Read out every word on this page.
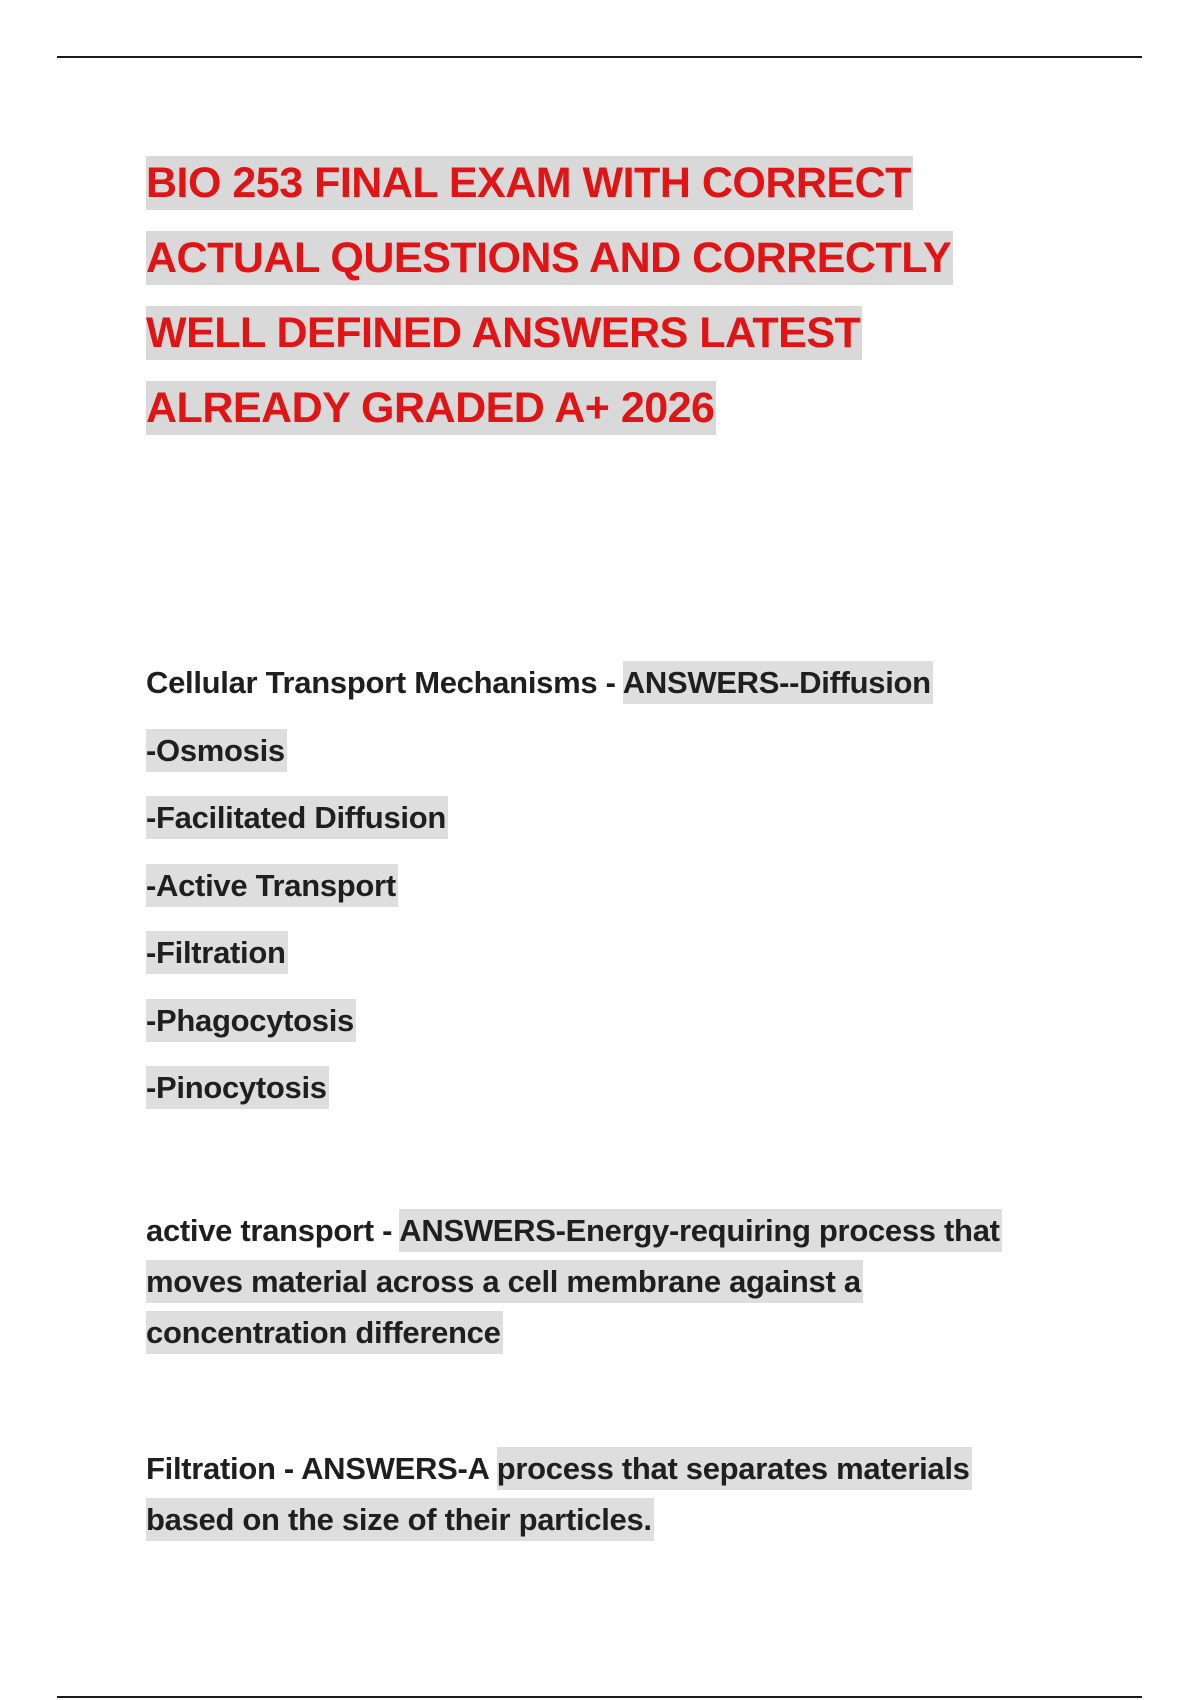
BIO 253 FINAL EXAM WITH CORRECT
ACTUAL QUESTIONS AND CORRECTLY
WELL DEFINED ANSWERS LATEST
ALREADY GRADED A+ 2026
Cellular Transport Mechanisms - ANSWERS--Diffusion
-Osmosis
-Facilitated Diffusion
-Active Transport
-Filtration
-Phagocytosis
-Pinocytosis
active transport - ANSWERS-Energy-requiring process that
moves material across a cell membrane against a
concentration difference
Filtration - ANSWERS-A process that separates materials
based on the size of their particles.
